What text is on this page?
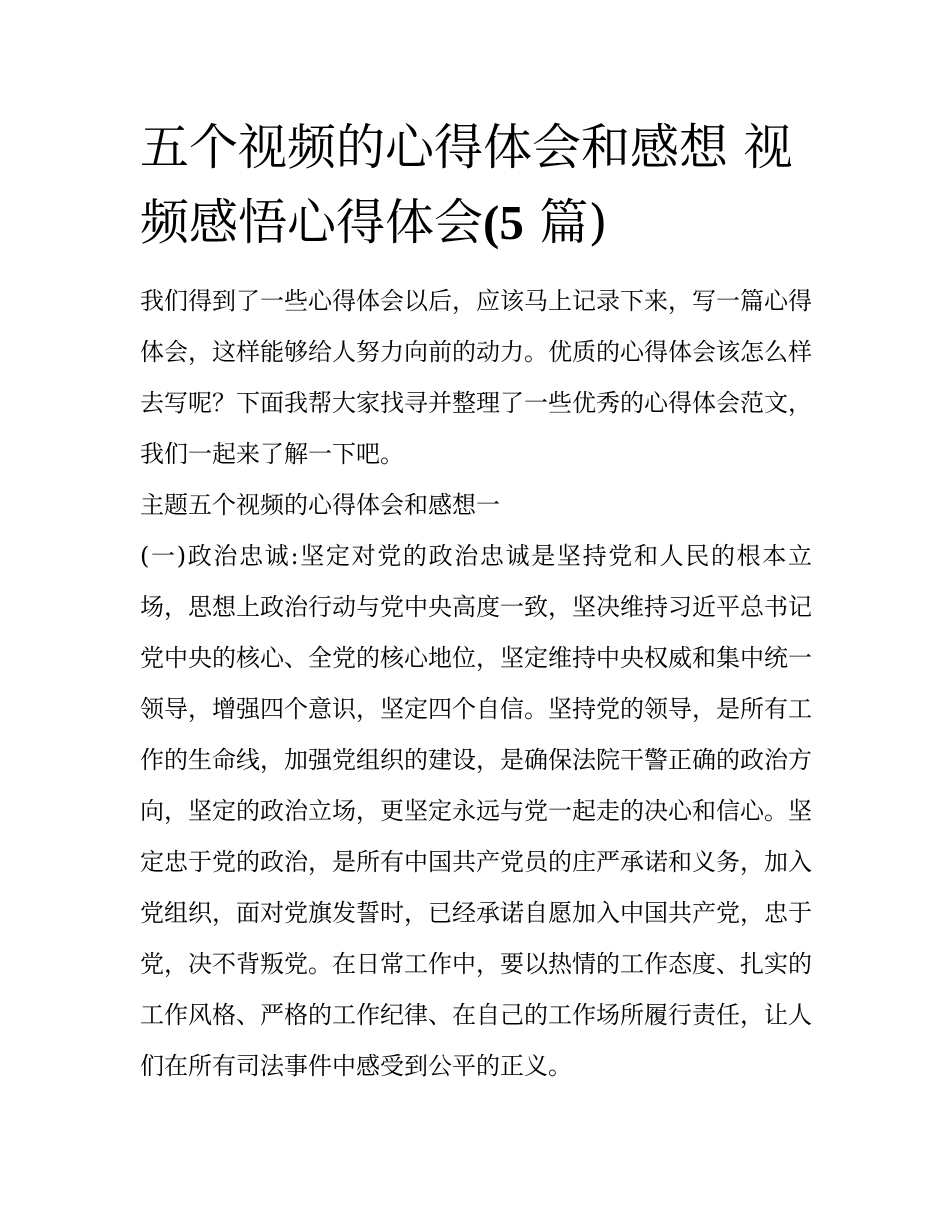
五个视频的心得体会和感想 视频感悟心得体会(5 篇)

我们得到了一些心得体会以后，应该马上记录下来，写一篇心得体会，这样能够给人努力向前的动力。优质的心得体会该怎么样去写呢？下面我帮大家找寻并整理了一些优秀的心得体会范文，我们一起来了解一下吧。

主题五个视频的心得体会和感想一

(一)政治忠诚:坚定对党的政治忠诚是坚持党和人民的根本立场，思想上政治行动与党中央高度一致，坚决维持习近平总书记党中央的核心、全党的核心地位，坚定维持中央权威和集中统一领导，增强四个意识，坚定四个自信。坚持党的领导，是所有工作的生命线，加强党组织的建设，是确保法院干警正确的政治方向，坚定的政治立场，更坚定永远与党一起走的决心和信心。坚定忠于党的政治，是所有中国共产党员的庄严承诺和义务，加入党组织，面对党旗发誓时，已经承诺自愿加入中国共产党，忠于党，决不背叛党。在日常工作中，要以热情的工作态度、扎实的工作风格、严格的工作纪律、在自己的工作场所履行责任，让人们在所有司法事件中感受到公平的正义。
